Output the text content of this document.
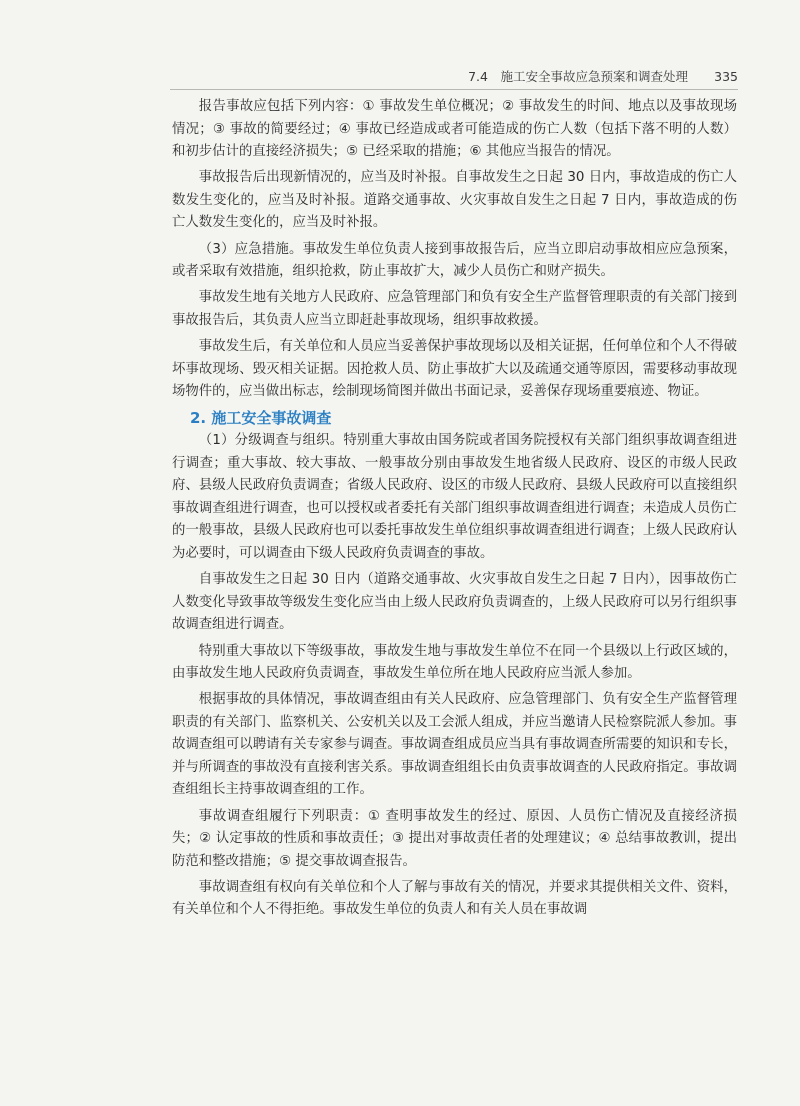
7.4　施工安全事故应急预案和调查处理 335

报告事故应包括下列内容：① 事故发生单位概况；② 事故发生的时间、地点以及事故现场情况；③ 事故的简要经过；④ 事故已经造成或者可能造成的伤亡人数（包括下落不明的人数）和初步估计的直接经济损失；⑤ 已经采取的措施；⑥ 其他应当报告的情况。

事故报告后出现新情况的，应当及时补报。自事故发生之日起 30 日内，事故造成的伤亡人数发生变化的，应当及时补报。道路交通事故、火灾事故自发生之日起 7 日内，事故造成的伤亡人数发生变化的，应当及时补报。

（3）应急措施。事故发生单位负责人接到事故报告后，应当立即启动事故相应应急预案，或者采取有效措施，组织抢救，防止事故扩大，减少人员伤亡和财产损失。

事故发生地有关地方人民政府、应急管理部门和负有安全生产监督管理职责的有关部门接到事故报告后，其负责人应当立即赶赴事故现场，组织事故救援。

事故发生后，有关单位和人员应当妥善保护事故现场以及相关证据，任何单位和个人不得破坏事故现场、毁灭相关证据。因抢救人员、防止事故扩大以及疏通交通等原因，需要移动事故现场物件的，应当做出标志，绘制现场简图并做出书面记录，妥善保存现场重要痕迹、物证。

2. 施工安全事故调查

（1）分级调查与组织。特别重大事故由国务院或者国务院授权有关部门组织事故调查组进行调查；重大事故、较大事故、一般事故分别由事故发生地省级人民政府、设区的市级人民政府、县级人民政府负责调查；省级人民政府、设区的市级人民政府、县级人民政府可以直接组织事故调查组进行调查，也可以授权或者委托有关部门组织事故调查组进行调查；未造成人员伤亡的一般事故，县级人民政府也可以委托事故发生单位组织事故调查组进行调查；上级人民政府认为必要时，可以调查由下级人民政府负责调查的事故。

自事故发生之日起 30 日内（道路交通事故、火灾事故自发生之日起 7 日内），因事故伤亡人数变化导致事故等级发生变化应当由上级人民政府负责调查的，上级人民政府可以另行组织事故调查组进行调查。

特别重大事故以下等级事故，事故发生地与事故发生单位不在同一个县级以上行政区域的，由事故发生地人民政府负责调查，事故发生单位所在地人民政府应当派人参加。

根据事故的具体情况，事故调查组由有关人民政府、应急管理部门、负有安全生产监督管理职责的有关部门、监察机关、公安机关以及工会派人组成，并应当邀请人民检察院派人参加。事故调查组可以聘请有关专家参与调查。事故调查组成员应当具有事故调查所需要的知识和专长，并与所调查的事故没有直接利害关系。事故调查组组长由负责事故调查的人民政府指定。事故调查组组长主持事故调查组的工作。

事故调查组履行下列职责：① 查明事故发生的经过、原因、人员伤亡情况及直接经济损失；② 认定事故的性质和事故责任；③ 提出对事故责任者的处理建议；④ 总结事故教训，提出防范和整改措施；⑤ 提交事故调查报告。

事故调查组有权向有关单位和个人了解与事故有关的情况，并要求其提供相关文件、资料，有关单位和个人不得拒绝。事故发生单位的负责人和有关人员在事故调
